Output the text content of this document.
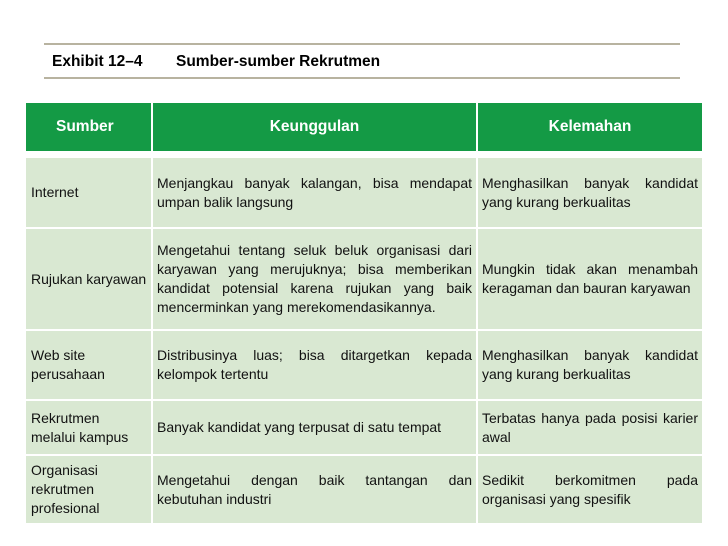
Exhibit 12–4 Sumber-sumber Rekrutmen
Sumber	Keunggulan	Kelemahan

Internet	Menjangkau banyak kalangan, bisa mendapat umpan balik langsung	Menghasilkan banyak kandidat yang kurang berkualitas
Rujukan karyawan	Mengetahui tentang seluk beluk organisasi dari karyawan yang merujuknya; bisa memberikan kandidat potensial karena rujukan yang baik mencerminkan yang merekomendasikannya.	Mungkin tidak akan menambah keragaman dan bauran karyawan
Web site perusahaan	Distribusinya luas; bisa ditargetkan kepada kelompok tertentu	Menghasilkan banyak kandidat yang kurang berkualitas
Rekrutmen melalui kampus	Banyak kandidat yang terpusat di satu tempat	Terbatas hanya pada posisi karier awal
Organisasi rekrutmen profesional	Mengetahui dengan baik tantangan dan kebutuhan industri	Sedikit berkomitmen pada organisasi yang spesifik
